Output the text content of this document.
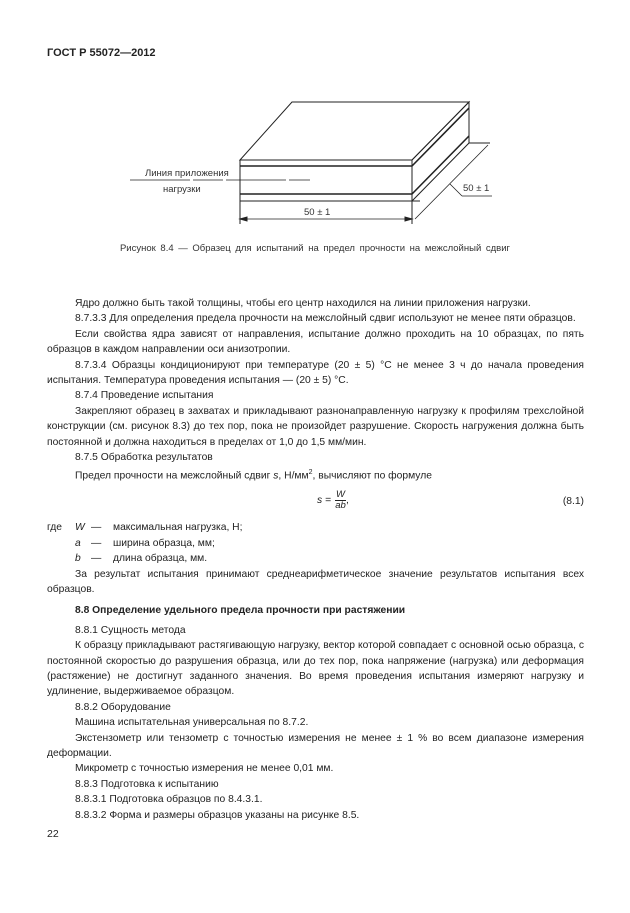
ГОСТ Р 55072—2012
Линия приложения
нагрузки
50 ± 1
50 ± 1
Рисунок 8.4 — Образец для испытаний на предел прочности на межслойный сдвиг

Ядро должно быть такой толщины, чтобы его центр находился на линии приложения нагрузки.

8.7.3.3 Для определения предела прочности на межслойный сдвиг используют не менее пяти образцов.

Если свойства ядра зависят от направления, испытание должно проходить на 10 образцах, по пять образцов в каждом направлении оси анизотропии.

8.7.3.4 Образцы кондиционируют при температуре (20 ± 5) °С не менее 3 ч до начала проведения испытания. Температура проведения испытания — (20 ± 5) °С.

8.7.4 Проведение испытания

Закрепляют образец в захватах и прикладывают разнонаправленную нагрузку к профилям трехслойной конструкции (см. рисунок 8.3) до тех пор, пока не произойдет разрушение. Скорость нагружения должна быть постоянной и должна находиться в пределах от 1,0 до 1,5 мм/мин.

8.7.5 Обработка результатов

Предел прочности на межслойный сдвиг s, $Н/мм^2$, вычисляют по формуле

$s = \frac{W}{ab}$ ,	(8.1)
где	W —	максимальная нагрузка, Н;
a —	ширина образца, мм;
b —	длина образца, мм.

За результат испытания принимают среднеарифметическое значение результатов испытания всех образцов.

8.8 Определение удельного предела прочности при растяжении

8.8.1 Сущность метода

К образцу прикладывают растягивающую нагрузку, вектор которой совпадает с основной осью образца, с постоянной скоростью до разрушения образца, или до тех пор, пока напряжение (нагрузка) или деформация (растяжение) не достигнут заданного значения. Во время проведения испытания измеряют нагрузку и удлинение, выдерживаемое образцом.

8.8.2 Оборудование

Машина испытательная универсальная по 8.7.2.

Экстензометр или тензометр с точностью измерения не менее ± 1 % во всем диапазоне измерения деформации.

Микрометр с точностью измерения не менее 0,01 мм.

8.8.3 Подготовка к испытанию

8.8.3.1 Подготовка образцов по 8.4.3.1.

8.8.3.2 Форма и размеры образцов указаны на рисунке 8.5.

22
